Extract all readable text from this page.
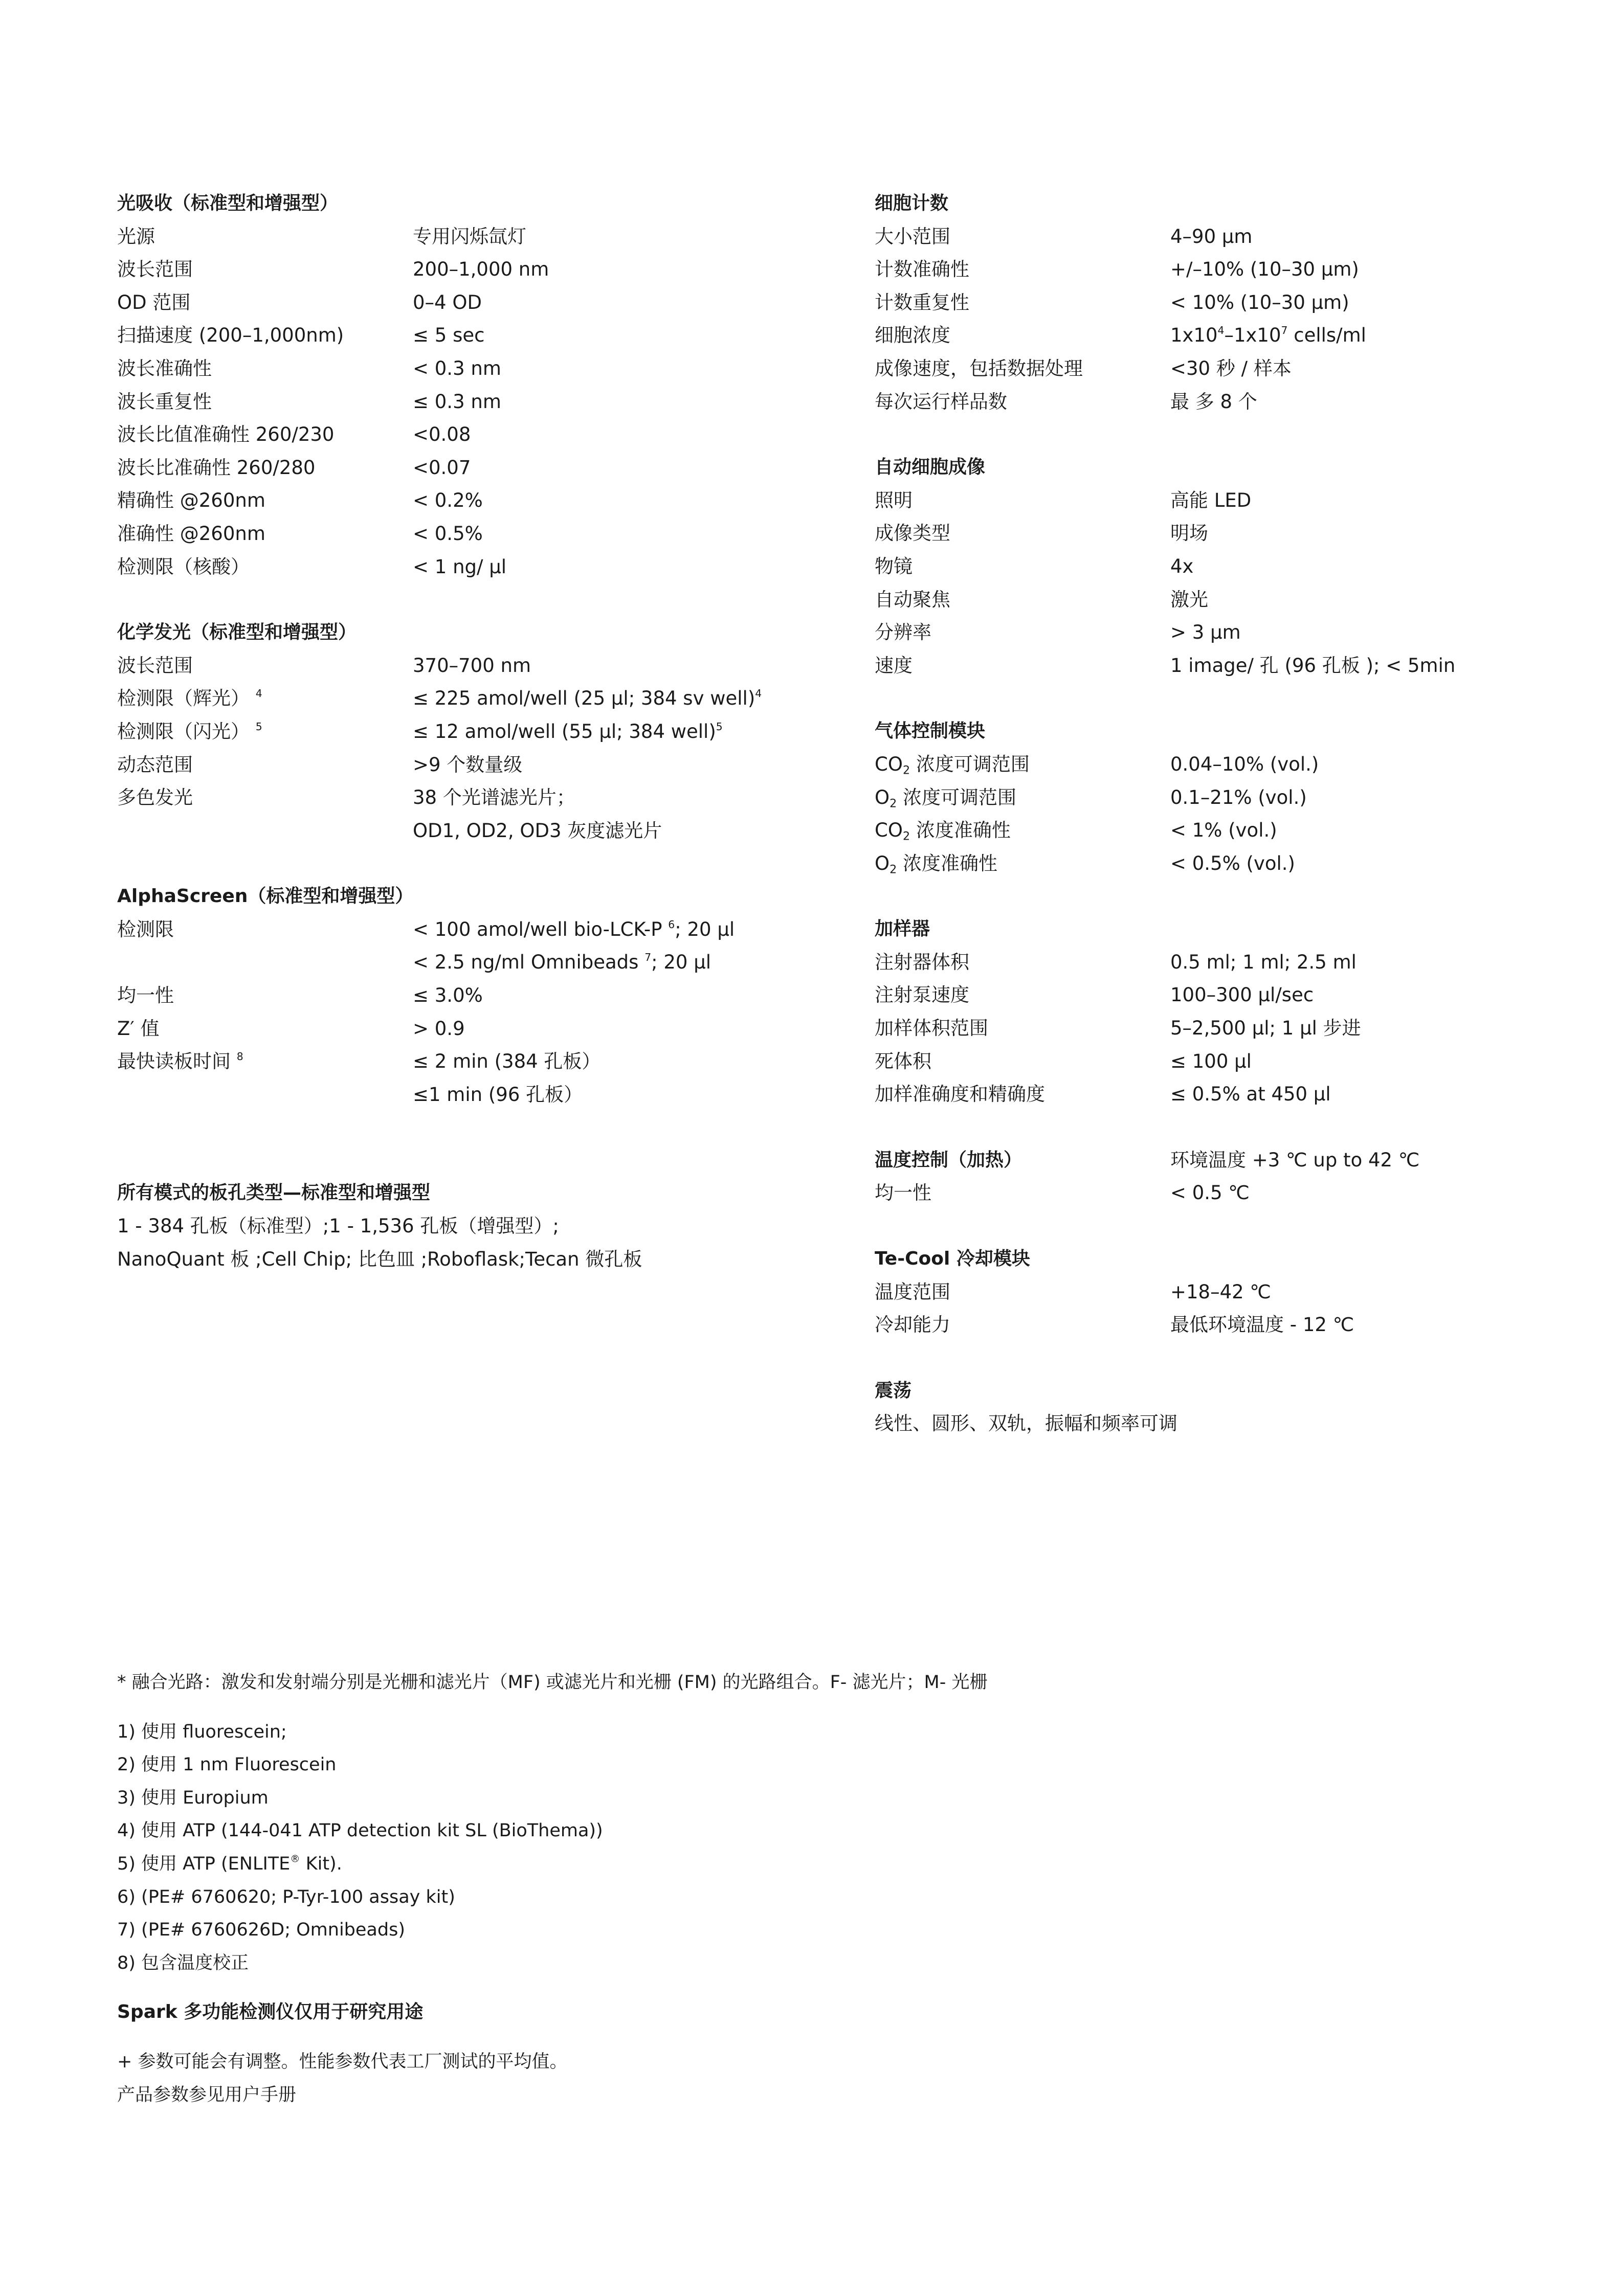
光吸收（标准型和增强型）
光源	专用闪烁氙灯
波长范围	200–1,000 nm
OD 范围	0–4 OD
扫描速度 (200–1,000nm)	≤ 5 sec
波长准确性	< 0.3 nm
波长重复性	≤ 0.3 nm
波长比值准确性 260/230	<0.08
波长比准确性 260/280	<0.07
精确性 @260nm	< 0.2%
准确性 @260nm	< 0.5%
检测限（核酸）	< 1 ng/ μl
化学发光（标准型和增强型）
波长范围	370–700 nm
检测限（辉光） $^4$	≤ 225 amol/well (25 μl; 384 sv well)$^4$
检测限（闪光） $^5$	≤ 12 amol/well (55 μl; 384 well)$^5$
动态范围	>9 个数量级
多色发光	38 个光谱滤光片；
OD1, OD2, OD3 灰度滤光片
AlphaScreen（标准型和增强型）
检测限	< 100 amol/well bio-LCK-P $^6$; 20 μl
< 2.5 ng/ml Omnibeads $^7$; 20 μl
均一性	≤ 3.0%
Z′ 值	> 0.9
最快读板时间 $^8$	≤ 2 min (384 孔板）
≤1 min (96 孔板）
所有模式的板孔类型—标准型和增强型
1 - 384 孔板（标准型）;1 - 1,536 孔板（增强型）;
NanoQuant 板 ;Cell Chip; 比色皿 ;Roboflask;Tecan 微孔板
细胞计数
大小范围	4–90 μm
计数准确性	+/–10% (10–30 μm)
计数重复性	< 10% (10–30 μm)
细胞浓度	$1x10^4-1x10^7$ cells/ml
成像速度，包括数据处理	<30 秒 / 样本
每次运行样品数	最 多 8 个
自动细胞成像
照明	高能 LED
成像类型	明场
物镜	4x
自动聚焦	激光
分辨率	> 3 μm
速度	1 image/ 孔 (96 孔板 ); < 5min
气体控制模块
$CO_2$ 浓度可调范围	0.04–10% (vol.)
$O_2$ 浓度可调范围	0.1–21% (vol.)
$CO_2$ 浓度准确性	< 1% (vol.)
$O_2$ 浓度准确性	< 0.5% (vol.)
加样器
注射器体积	0.5 ml; 1 ml; 2.5 ml
注射泵速度	100–300 μl/sec
加样体积范围	5–2,500 μl; 1 μl 步进
死体积	≤ 100 μl
加样准确度和精确度	≤ 0.5% at 450 μl
温度控制（加热）	环境温度 +3 ℃ up to 42 ℃
均一性	< 0.5 ℃
Te-Cool 冷却模块
温度范围	+18–42 ℃
冷却能力	最低环境温度 - 12 ℃
震荡
线性、圆形、双轨，振幅和频率可调
* 融合光路：激发和发射端分别是光栅和滤光片（MF) 或滤光片和光栅 (FM) 的光路组合。F- 滤光片；M- 光栅
1) 使用 fluorescein;
2) 使用 1 nm Fluorescein
3) 使用 Europium
4) 使用 ATP (144-041 ATP detection kit SL (BioThema))
5) 使用 ATP (ENLITE® Kit).
6) (PE# 6760620; P-Tyr-100 assay kit)
7) (PE# 6760626D; Omnibeads)
8) 包含温度校正
Spark 多功能检测仪仅用于研究用途
+ 参数可能会有调整。性能参数代表工厂测试的平均值。
产品参数参见用户手册
